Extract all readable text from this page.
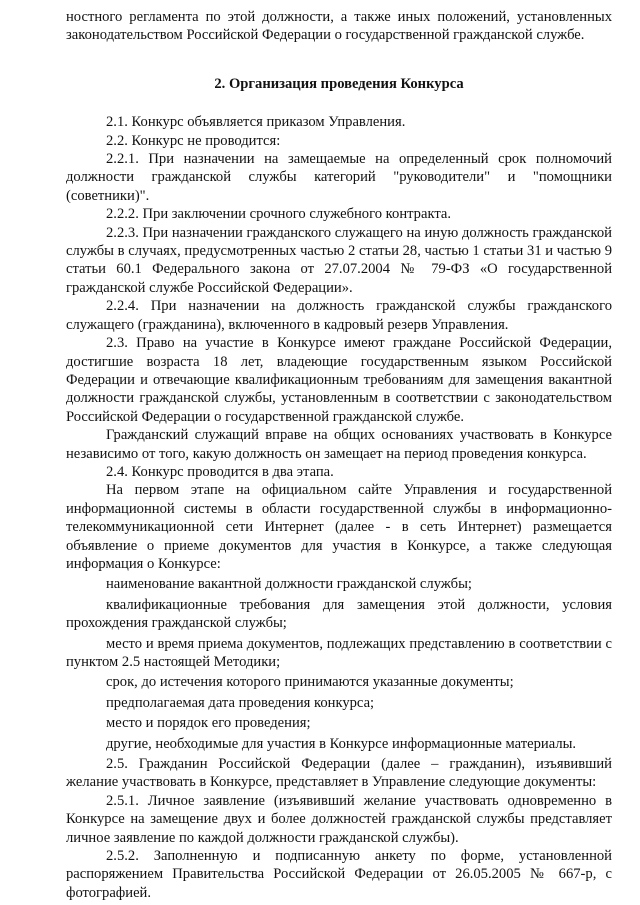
ностного регламента по этой должности, а также иных положений, установленных законодательством Российской Федерации о государственной гражданской службе.

2. Организация проведения Конкурса

2.1. Конкурс объявляется приказом Управления.

2.2. Конкурс не проводится:

2.2.1. При назначении на замещаемые на определенный срок полномочий должности гражданской службы категорий "руководители" и "помощники (советники)".

2.2.2. При заключении срочного служебного контракта.

2.2.3. При назначении гражданского служащего на иную должность гражданской службы в случаях, предусмотренных частью 2 статьи 28, частью 1 статьи 31 и частью 9 статьи 60.1 Федерального закона от 27.07.2004 № 79-ФЗ «О государственной гражданской службе Российской Федерации».

2.2.4. При назначении на должность гражданской службы гражданского служащего (гражданина), включенного в кадровый резерв Управления.

2.3. Право на участие в Конкурсе имеют граждане Российской Федерации, достигшие возраста 18 лет, владеющие государственным языком Российской Федерации и отвечающие квалификационным требованиям для замещения вакантной должности гражданской службы, установленным в соответствии с законодательством Российской Федерации о государственной гражданской службе.

Гражданский служащий вправе на общих основаниях участвовать в Конкурсе независимо от того, какую должность он замещает на период проведения конкурса.

2.4. Конкурс проводится в два этапа.

На первом этапе на официальном сайте Управления и государственной информационной системы в области государственной службы в информационно-телекоммуникационной сети Интернет (далее - в сеть Интернет) размещается объявление о приеме документов для участия в Конкурсе, а также следующая информация о Конкурсе:

наименование вакантной должности гражданской службы;

квалификационные требования для замещения этой должности, условия прохождения гражданской службы;

место и время приема документов, подлежащих представлению в соответствии с пунктом 2.5 настоящей Методики;

срок, до истечения которого принимаются указанные документы;

предполагаемая дата проведения конкурса;

место и порядок его проведения;

другие, необходимые для участия в Конкурсе информационные материалы.

2.5. Гражданин Российской Федерации (далее – гражданин), изъявивший желание участвовать в Конкурсе, представляет в Управление следующие документы:

2.5.1. Личное заявление (изъявивший желание участвовать одновременно в Конкурсе на замещение двух и более должностей гражданской службы представляет личное заявление по каждой должности гражданской службы).

2.5.2. Заполненную и подписанную анкету по форме, установленной распоряжением Правительства Российской Федерации от 26.05.2005 № 667-р, с фотографией.
